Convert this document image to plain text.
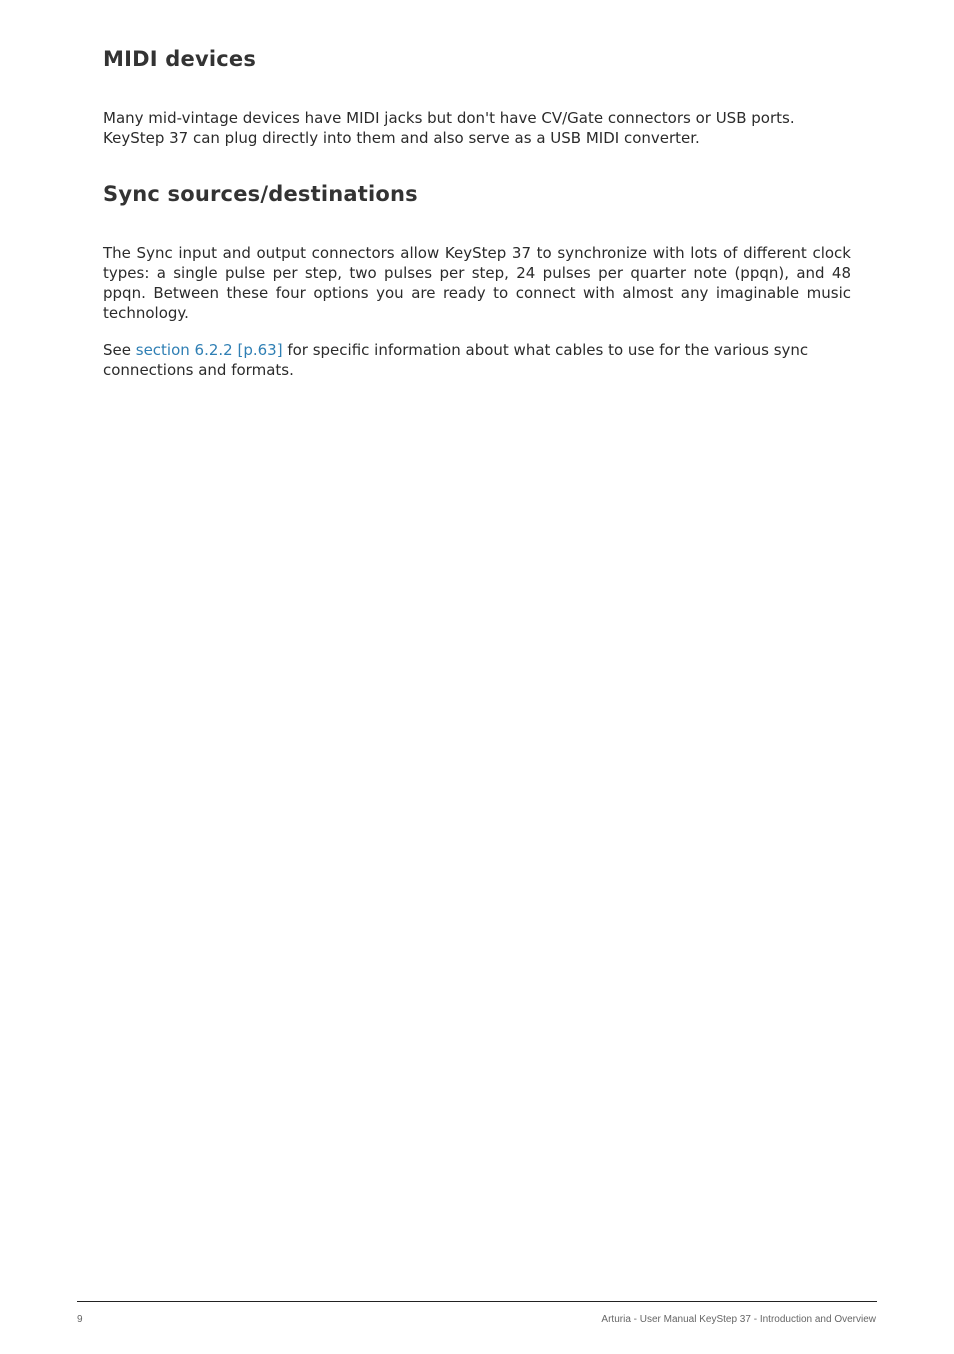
MIDI devices

Many mid-vintage devices have MIDI jacks but don't have CV/Gate connectors or USB ports. KeyStep 37 can plug directly into them and also serve as a USB MIDI converter.

Sync sources/destinations

The Sync input and output connectors allow KeyStep 37 to synchronize with lots of different clock types: a single pulse per step, two pulses per step, 24 pulses per quarter note (ppqn), and 48 ppqn. Between these four options you are ready to connect with almost any imaginable music technology.

See section 6.2.2 [p.63] for specific information about what cables to use for the various sync connections and formats.

9	Arturia - User Manual KeyStep 37 - Introduction and Overview
